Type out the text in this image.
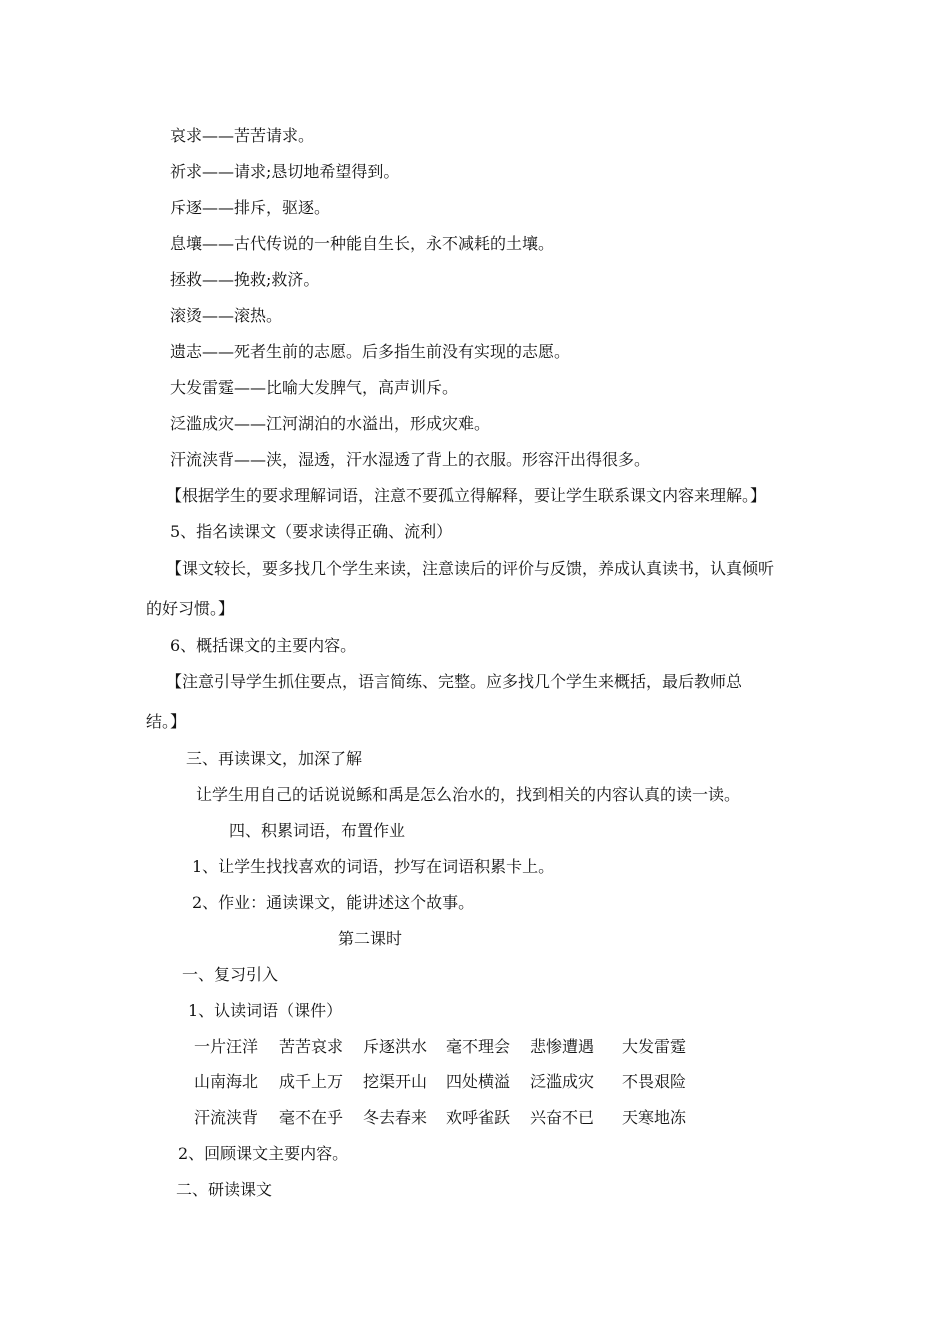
哀求——苦苦请求。
祈求——请求;恳切地希望得到。
斥逐——排斥，驱逐。
息壤——古代传说的一种能自生长，永不减耗的土壤。
拯救——挽救;救济。
滚烫——滚热。
遗志——死者生前的志愿。后多指生前没有实现的志愿。
大发雷霆——比喻大发脾气，高声训斥。
泛滥成灾——江河湖泊的水溢出，形成灾难。
汗流浃背——浃，湿透，汗水湿透了背上的衣服。形容汗出得很多。
【根据学生的要求理解词语，注意不要孤立得解释，要让学生联系课文内容来理解。】
5、指名读课文（要求读得正确、流利）
【课文较长，要多找几个学生来读，注意读后的评价与反馈，养成认真读书，认真倾听
的好习惯。】
6、概括课文的主要内容。
【注意引导学生抓住要点，语言简练、完整。应多找几个学生来概括，最后教师总
结。】
三、再读课文，加深了解
让学生用自己的话说说鲧和禹是怎么治水的，找到相关的内容认真的读一读。
四、积累词语，布置作业
1、让学生找找喜欢的词语，抄写在词语积累卡上。
2、作业：通读课文，能讲述这个故事。
第二课时
一、复习引入
1、认读词语（课件）

一片汪洋

苦苦哀求

斥逐洪水

毫不理会

悲惨遭遇

大发雷霆

山南海北

成千上万

挖渠开山

四处横溢

泛滥成灾

不畏艰险

汗流浃背

毫不在乎

冬去春来

欢呼雀跃

兴奋不已

天寒地冻

2、回顾课文主要内容。
二、研读课文
